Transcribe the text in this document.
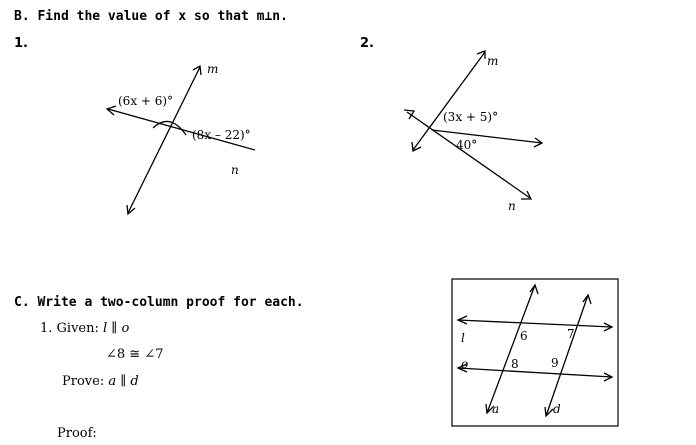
B. Find the value of x so that m⊥n.
1.
(6x + 6)°
(8x – 22)°
m
n
2.
(3x + 5)°
40°
m
n
C. Write a two-column proof for each.
1. Given: l ∥ o
∠8 ≅ ∠7
Prove: a ∥ d
Proof:
l
o
a	d
6	7
8	9
